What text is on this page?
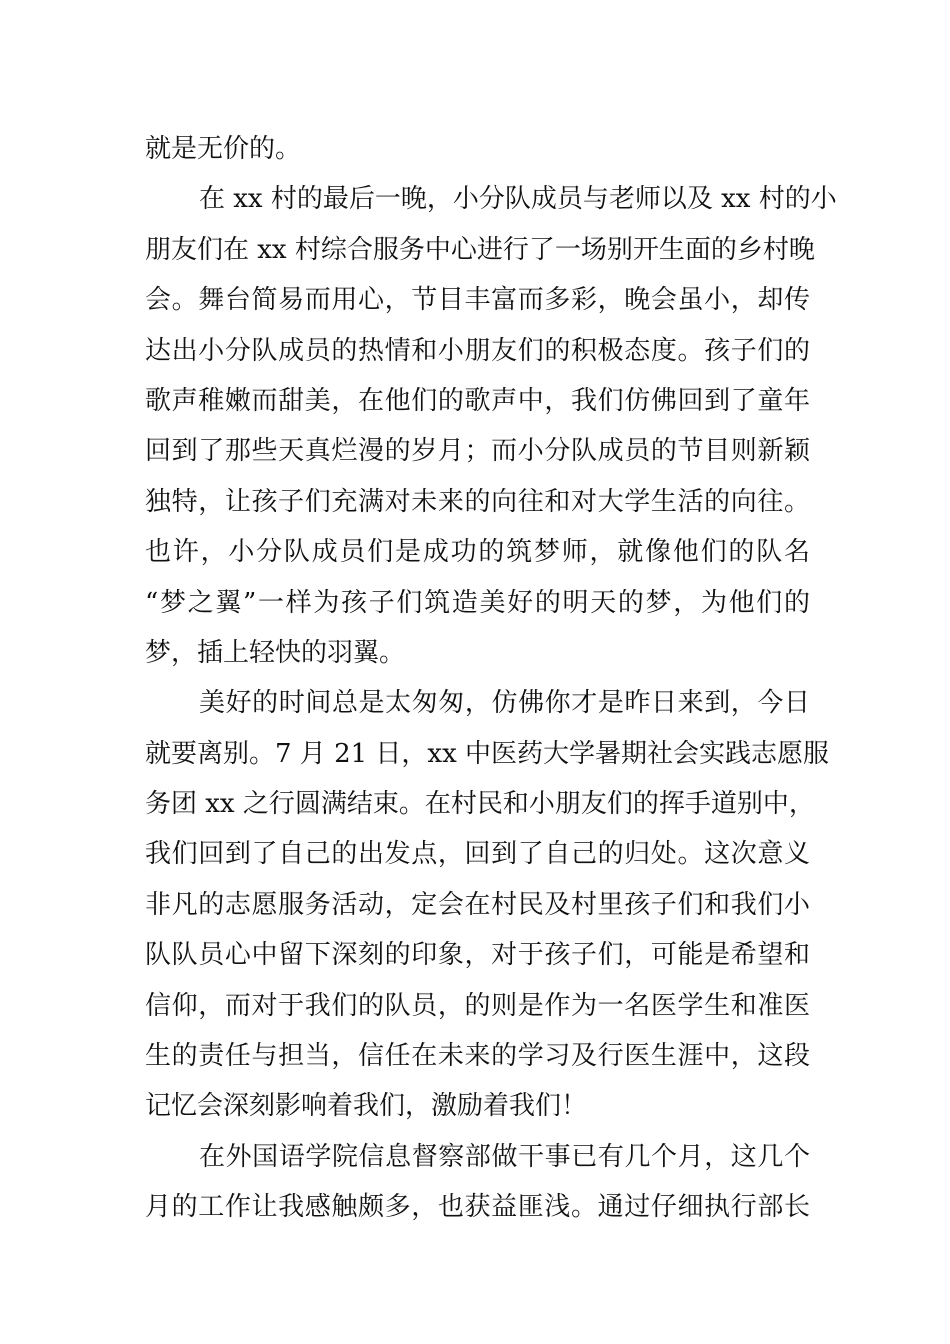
就是无价的。
在 xx 村的最后一晚，小分队成员与老师以及 xx 村的小
朋友们在 xx 村综合服务中心进行了一场别开生面的乡村晚
会。舞台简易而用心，节目丰富而多彩，晚会虽小，却传
达出小分队成员的热情和小朋友们的积极态度。孩子们的
歌声稚嫩而甜美，在他们的歌声中，我们仿佛回到了童年
回到了那些天真烂漫的岁月；而小分队成员的节目则新颖
独特，让孩子们充满对未来的向往和对大学生活的向往。
也许，小分队成员们是成功的筑梦师，就像他们的队名
“梦之翼”一样为孩子们筑造美好的明天的梦，为他们的
梦，插上轻快的羽翼。
美好的时间总是太匆匆，仿佛你才是昨日来到，今日
就要离别。7 月 21 日，xx 中医药大学暑期社会实践志愿服
务团 xx 之行圆满结束。在村民和小朋友们的挥手道别中，
我们回到了自己的出发点，回到了自己的归处。这次意义
非凡的志愿服务活动，定会在村民及村里孩子们和我们小
队队员心中留下深刻的印象，对于孩子们，可能是希望和
信仰，而对于我们的队员，的则是作为一名医学生和准医
生的责任与担当，信任在未来的学习及行医生涯中，这段
记忆会深刻影响着我们，激励着我们！
在外国语学院信息督察部做干事已有几个月，这几个
月的工作让我感触颇多，也获益匪浅。通过仔细执行部长
